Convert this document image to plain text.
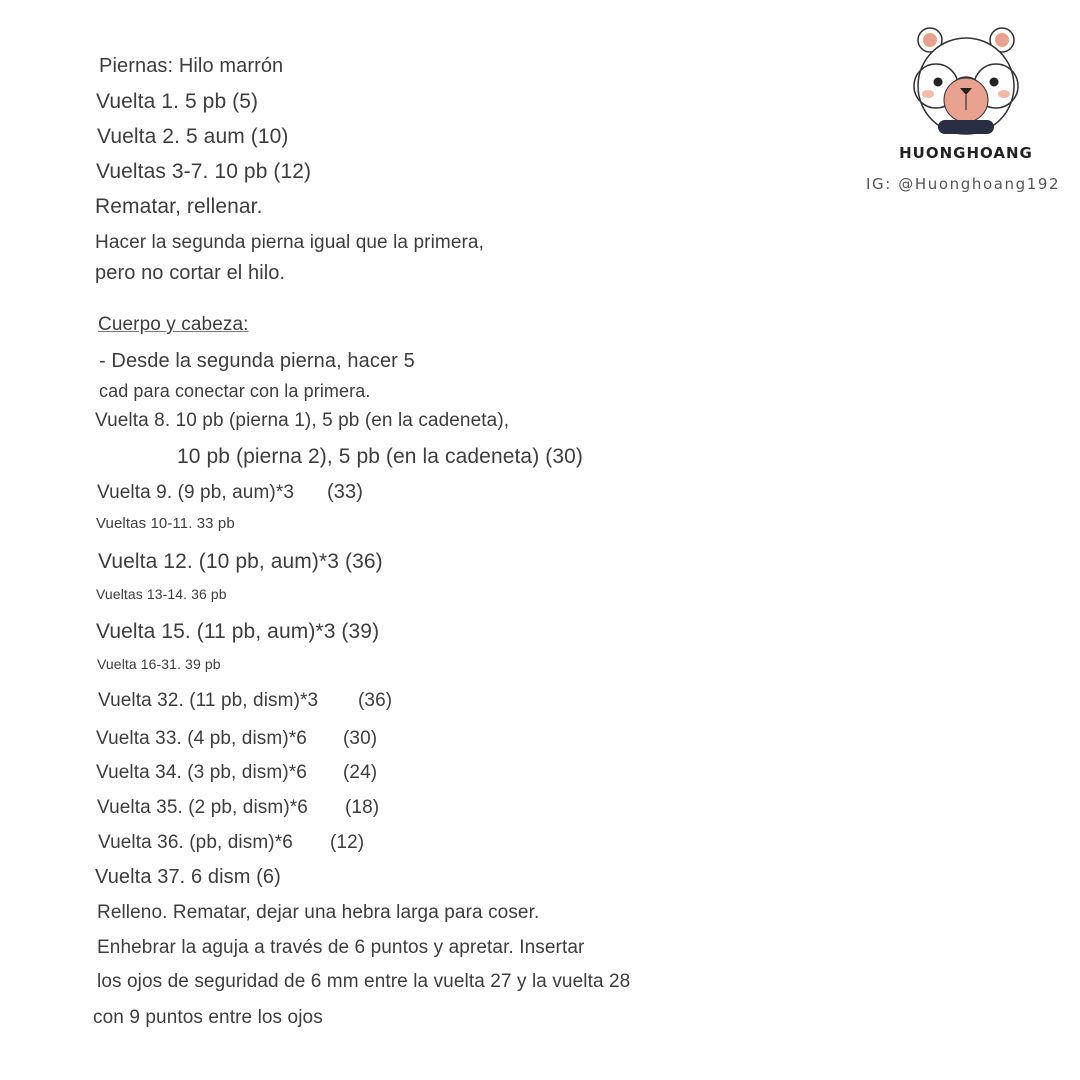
HUONGHOANG
IG: @Huonghoang192
Piernas: Hilo marrón
Vuelta 1. 5 pb (5)
Vuelta 2. 5 aum (10)
Vueltas 3-7. 10 pb (12)
Rematar, rellenar.
Hacer la segunda pierna igual que la primera,
pero no cortar el hilo.
Cuerpo y cabeza:
- Desde la segunda pierna, hacer 5
cad para conectar con la primera.
Vuelta 8. 10 pb (pierna 1), 5 pb (en la cadeneta),
10 pb (pierna 2), 5 pb (en la cadeneta) (30)
Vuelta 9. (9 pb, aum)*3 (33)
Vueltas 10-11. 33 pb
Vuelta 12. (10 pb, aum)*3 (36)
Vueltas 13-14. 36 pb
Vuelta 15. (11 pb, aum)*3 (39)
Vuelta 16-31. 39 pb
Vuelta 32. (11 pb, dism)*3 (36)
Vuelta 33. (4 pb, dism)*6 (30)
Vuelta 34. (3 pb, dism)*6 (24)
Vuelta 35. (2 pb, dism)*6 (18)
Vuelta 36. (pb, dism)*6 (12)
Vuelta 37. 6 dism (6)
Relleno. Rematar, dejar una hebra larga para coser.
Enhebrar la aguja a través de 6 puntos y apretar. Insertar
los ojos de seguridad de 6 mm entre la vuelta 27 y la vuelta 28
con 9 puntos entre los ojos
